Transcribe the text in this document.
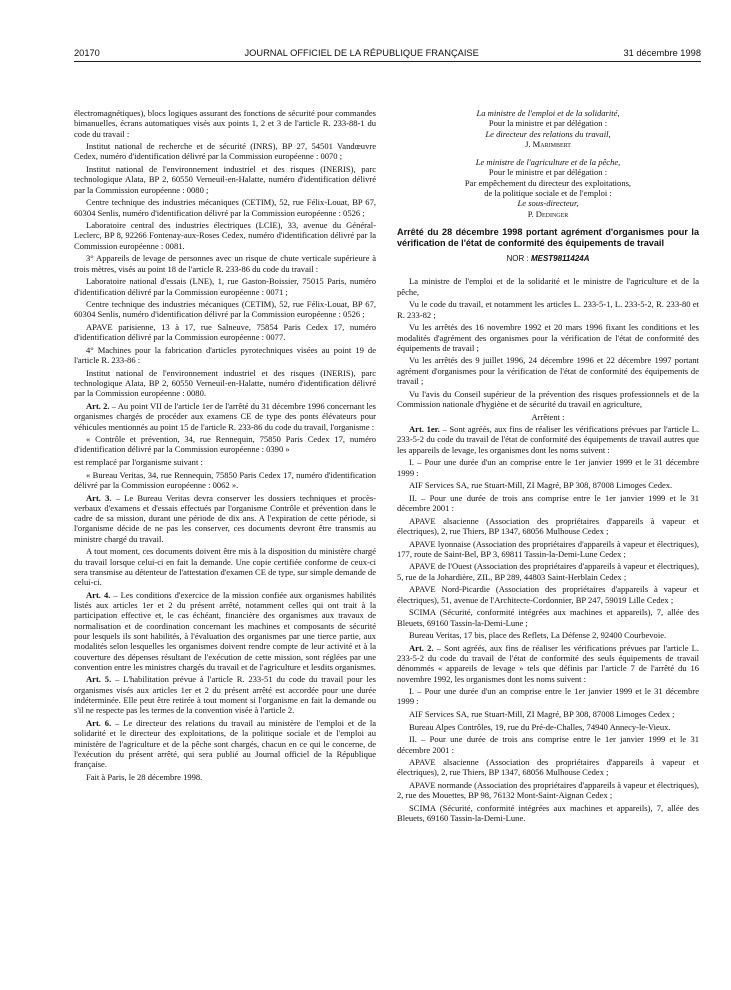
20170	JOURNAL OFFICIEL DE LA RÉPUBLIQUE FRANÇAISE	31 décembre 1998

électromagnétiques), blocs logiques assurant des fonctions de sécurité pour commandes bimanuelles, écrans automatiques visés aux points 1, 2 et 3 de l'article R. 233-88-1 du code du travail :

Institut national de recherche et de sécurité (INRS), BP 27, 54501 Vandœuvre Cedex, numéro d'identification délivré par la Commission européenne : 0070 ;

Institut national de l'environnement industriel et des risques (INERIS), parc technologique Alata, BP 2, 60550 Verneuil-en-Halatte, numéro d'identification délivré par la Commission européenne : 0080 ;

Centre technique des industries mécaniques (CETIM), 52, rue Félix-Louat, BP 67, 60304 Senlis, numéro d'identification délivré par la Commission européenne : 0526 ;

Laboratoire central des industries électriques (LCIE), 33, avenue du Général-Leclerc, BP 8, 92266 Fontenay-aux-Roses Cedex, numéro d'identification délivré par la Commission européenne : 0081.

3° Appareils de levage de personnes avec un risque de chute verticale supérieure à trois mètres, visés au point 18 de l'article R. 233-86 du code du travail :

Laboratoire national d'essais (LNE), 1, rue Gaston-Boissier, 75015 Paris, numéro d'identification délivré par la Commission européenne : 0071 ;

Centre technique des industries mécaniques (CETIM), 52, rue Félix-Louat, BP 67, 60304 Senlis, numéro d'identification délivré par la Commission européenne : 0526 ;

APAVE parisienne, 13 à 17, rue Salneuve, 75854 Paris Cedex 17, numéro d'identification délivré par la Commission européenne : 0077.

4° Machines pour la fabrication d'articles pyrotechniques visées au point 19 de l'article R. 233-86 :

Institut national de l'environnement industriel et des risques (INERIS), parc technologique Alata, BP 2, 60550 Verneuil-en-Halatte, numéro d'identification délivré par la Commission européenne : 0080.

Art. 2. – Au point VII de l'article 1er de l'arrêté du 31 décembre 1996 concernant les organismes chargés de procéder aux examens CE de type des ponts élévateurs pour véhicules mentionnés au point 15 de l'article R. 233-86 du code du travail, l'organisme :

« Contrôle et prévention, 34, rue Rennequin, 75850 Paris Cedex 17, numéro d'identification délivré par la Commission européenne : 0390 »

est remplacé par l'organisme suivant :

« Bureau Veritas, 34, rue Rennequin, 75850 Paris Cedex 17, numéro d'identification délivré par la Commission européenne : 0062 ».

Art. 3. – Le Bureau Veritas devra conserver les dossiers techniques et procès-verbaux d'examens et d'essais effectués par l'organisme Contrôle et prévention dans le cadre de sa mission, durant une période de dix ans. A l'expiration de cette période, si l'organisme décide de ne pas les conserver, ces documents devront être transmis au ministre chargé du travail.

A tout moment, ces documents doivent être mis à la disposition du ministère chargé du travail lorsque celui-ci en fait la demande. Une copie certifiée conforme de ceux-ci sera transmise au détenteur de l'attestation d'examen CE de type, sur simple demande de celui-ci.

Art. 4. – Les conditions d'exercice de la mission confiée aux organismes habilités listés aux articles 1er et 2 du présent arrêté, notamment celles qui ont trait à la participation effective et, le cas échéant, financière des organismes aux travaux de normalisation et de coordination concernant les machines et composants de sécurité pour lesquels ils sont habilités, à l'évaluation des organismes par une tierce partie, aux modalités selon lesquelles les organismes doivent rendre compte de leur activité et à la couverture des dépenses résultant de l'exécution de cette mission, sont réglées par une convention entre les ministres chargés du travail et de l'agriculture et lesdits organismes.

Art. 5. – L'habilitation prévue à l'article R. 233-51 du code du travail pour les organismes visés aux articles 1er et 2 du présent arrêté est accordée pour une durée indéterminée. Elle peut être retirée à tout moment si l'organisme en fait la demande ou s'il ne respecte pas les termes de la convention visée à l'article 2.

Art. 6. – Le directeur des relations du travail au ministère de l'emploi et de la solidarité et le directeur des exploitations, de la politique sociale et de l'emploi au ministère de l'agriculture et de la pêche sont chargés, chacun en ce qui le concerne, de l'exécution du présent arrêté, qui sera publié au Journal officiel de la République française.

Fait à Paris, le 28 décembre 1998.

La ministre de l'emploi et de la solidarité,

Pour la ministre et par délégation :

Le directeur des relations du travail,

J. Marimbert

Le ministre de l'agriculture et de la pêche,

Pour le ministre et par délégation :

Par empêchement du directeur des exploitations,

de la politique sociale et de l'emploi :

Le sous-directeur,

P. Dedinger

Arrêté du 28 décembre 1998 portant agrément d'organismes pour la vérification de l'état de conformité des équipements de travail

NOR : MEST9811424A

La ministre de l'emploi et de la solidarité et le ministre de l'agriculture et de la pêche,

Vu le code du travail, et notamment les articles L. 233-5-1, L. 233-5-2, R. 233-80 et R. 233-82 ;

Vu les arrêtés des 16 novembre 1992 et 20 mars 1996 fixant les conditions et les modalités d'agrément des organismes pour la vérification de l'état de conformité des équipements de travail ;

Vu les arrêtés des 9 juillet 1996, 24 décembre 1996 et 22 décembre 1997 portant agrément d'organismes pour la vérification de l'état de conformité des équipements de travail ;

Vu l'avis du Conseil supérieur de la prévention des risques professionnels et de la Commission nationale d'hygiène et de sécurité du travail en agriculture,

Arrêtent :

Art. 1er. – Sont agréés, aux fins de réaliser les vérifications prévues par l'article L. 233-5-2 du code du travail de l'état de conformité des équipements de travail autres que les appareils de levage, les organismes dont les noms suivent :

I. – Pour une durée d'un an comprise entre le 1er janvier 1999 et le 31 décembre 1999 :

AIF Services SA, rue Stuart-Mill, ZI Magré, BP 308, 87008 Limoges Cedex.

II. – Pour une durée de trois ans comprise entre le 1er janvier 1999 et le 31 décembre 2001 :

APAVE alsacienne (Association des propriétaires d'appareils à vapeur et électriques), 2, rue Thiers, BP 1347, 68056 Mulhouse Cedex ;

APAVE lyonnaise (Association des propriétaires d'appareils à vapeur et électriques), 177, route de Saint-Bel, BP 3, 69811 Tassin-la-Demi-Lune Cedex ;

APAVE de l'Ouest (Association des propriétaires d'appareils à vapeur et électriques), 5, rue de la Johardière, ZIL, BP 289, 44803 Saint-Herblain Cedex ;

APAVE Nord-Picardie (Association des propriétaires d'appareils à vapeur et électriques), 51, avenue de l'Architecte-Cordonnier, BP 247, 59019 Lille Cedex ;

SCIMA (Sécurité, conformité intégrées aux machines et appareils), 7, allée des Bleuets, 69160 Tassin-la-Demi-Lune ;

Bureau Veritas, 17 bis, place des Reflets, La Défense 2, 92400 Courbevoie.

Art. 2. – Sont agréés, aux fins de réaliser les vérifications prévues par l'article L. 233-5-2 du code du travail de l'état de conformité des seuls équipements de travail dénommés « appareils de levage » tels que définis par l'article 7 de l'arrêté du 16 novembre 1992, les organismes dont les noms suivent :

I. – Pour une durée d'un an comprise entre le 1er janvier 1999 et le 31 décembre 1999 :

AIF Services SA, rue Stuart-Mill, ZI Magré, BP 308, 87008 Limoges Cedex ;

Bureau Alpes Contrôles, 19, rue du Pré-de-Challes, 74940 Annecy-le-Vieux.

II. – Pour une durée de trois ans comprise entre le 1er janvier 1999 et le 31 décembre 2001 :

APAVE alsacienne (Association des propriétaires d'appareils à vapeur et électriques), 2, rue Thiers, BP 1347, 68056 Mulhouse Cedex ;

APAVE normande (Association des propriétaires d'appareils à vapeur et électriques), 2, rue des Mouettes, BP 98, 76132 Mont-Saint-Aignan Cedex ;

SCIMA (Sécurité, conformité intégrées aux machines et appareils), 7, allée des Bleuets, 69160 Tassin-la-Demi-Lune.
